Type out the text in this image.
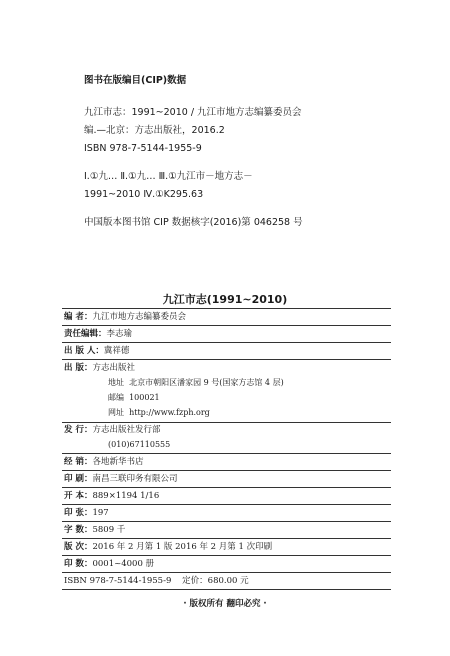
图书在版编目(CIP)数据
九江市志：1991~2010 / 九江市地方志编纂委员会
编.—北京：方志出版社，2016.2
ISBN 978-7-5144-1955-9
Ⅰ.①九… Ⅱ.①九… Ⅲ.①九江市－地方志－
1991~2010 Ⅳ.①K295.63
中国版本图书馆 CIP 数据核字(2016)第 046258 号
九江市志(1991~2010)
编 者：九江市地方志编纂委员会
责任编辑：李志瑜
出 版 人：冀祥德
出 版：方志出版社
地址 北京市朝阳区潘家园 9 号(国家方志馆 4 层)
邮编 100021
网址 http://www.fzph.org
发 行：方志出版社发行部
(010)67110555
经 销：各地新华书店
印 刷：南昌三联印务有限公司
开 本：889×1194 1/16
印 张：197
字 数：5809 千
版 次：2016 年 2 月第 1 版 2016 年 2 月第 1 次印刷
印 数：0001~4000 册
ISBN 978-7-5144-1955-9 定价：680.00 元
· 版权所有 翻印必究 ·
